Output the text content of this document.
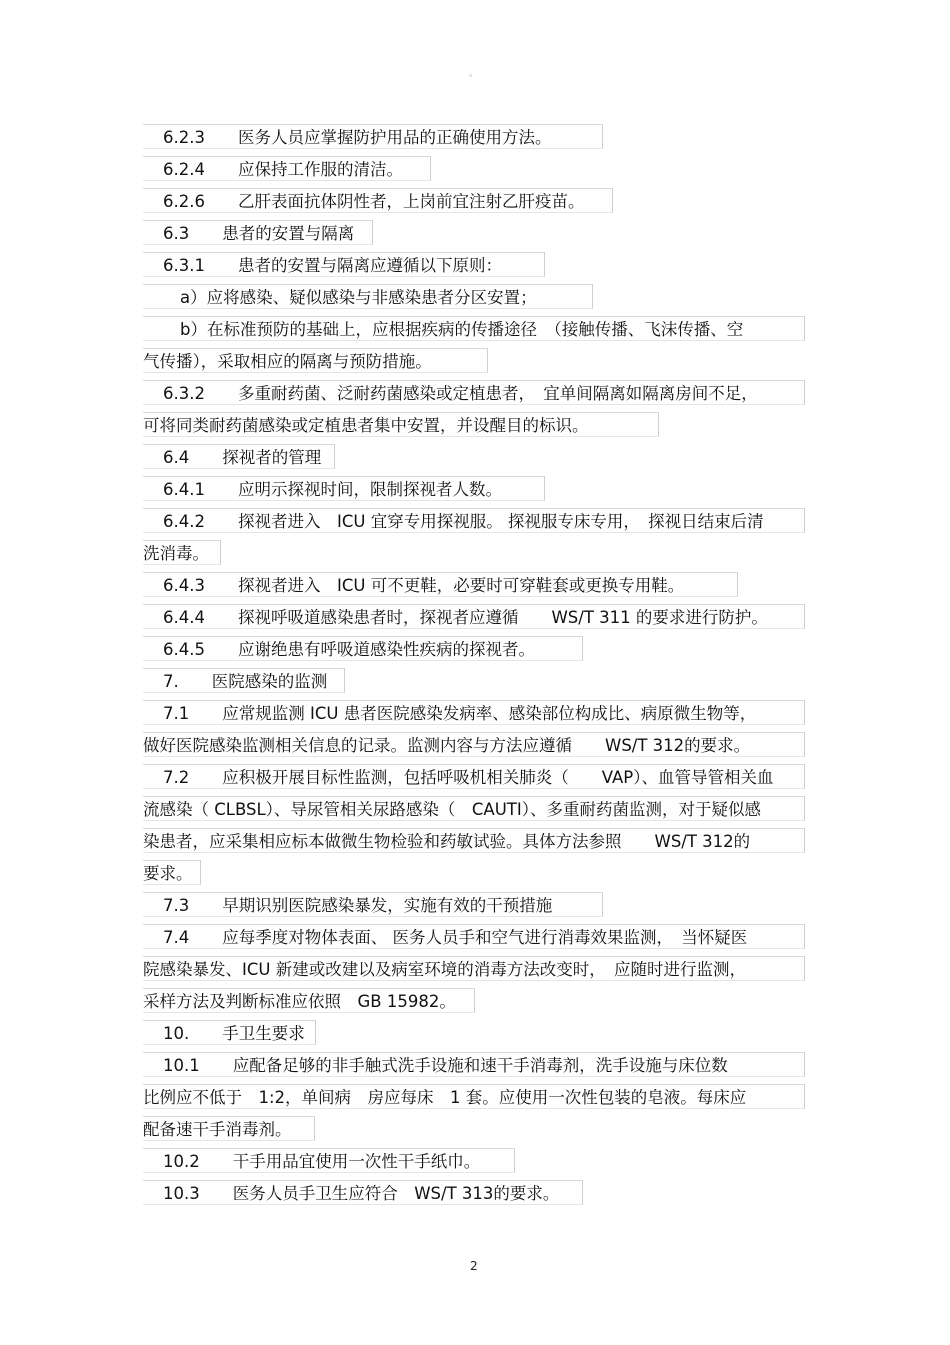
。
6.2.3　　医务人员应掌握防护用品的正确使用方法。
6.2.4　　应保持工作服的清洁。
6.2.6　　乙肝表面抗体阴性者，上岗前宜注射乙肝疫苗。
6.3　　患者的安置与隔离
6.3.1　　患者的安置与隔离应遵循以下原则：
a）应将感染、疑似感染与非感染患者分区安置；
b）在标准预防的基础上，应根据疾病的传播途径　（接触传播、飞沫传播、空
气传播），采取相应的隔离与预防措施。
6.3.2　　多重耐药菌、泛耐药菌感染或定植患者，　宜单间隔离如隔离房间不足，
可将同类耐药菌感染或定植患者集中安置，并设醒目的标识。
6.4　　探视者的管理
6.4.1　　应明示探视时间，限制探视者人数。
6.4.2　　探视者进入　ICU 宜穿专用探视服。 探视服专床专用，　探视日结束后清
洗消毒。
6.4.3　　探视者进入　ICU 可不更鞋，必要时可穿鞋套或更换专用鞋。
6.4.4　　探视呼吸道感染患者时，探视者应遵循　　WS/T 311 的要求进行防护。
6.4.5　　应谢绝患有呼吸道感染性疾病的探视者。
7.　　医院感染的监测
7.1　　应常规监测 ICU 患者医院感染发病率、感染部位构成比、病原微生物等，
做好医院感染监测相关信息的记录。监测内容与方法应遵循　　WS/T 312的要求。
7.2　　应积极开展目标性监测，包括呼吸机相关肺炎（　　VAP）、血管导管相关血
流感染（ CLBSL）、导尿管相关尿路感染（　CAUTI）、多重耐药菌监测，对于疑似感
染患者，应采集相应标本做微生物检验和药敏试验。具体方法参照　　WS/T 312的
要求。
7.3　　早期识别医院感染暴发，实施有效的干预措施
7.4　　应每季度对物体表面、 医务人员手和空气进行消毒效果监测，　当怀疑医
院感染暴发、ICU 新建或改建以及病室环境的消毒方法改变时，　应随时进行监测，
采样方法及判断标准应依照　GB 15982。
10.　　手卫生要求
10.1　　应配备足够的非手触式洗手设施和速干手消毒剂，洗手设施与床位数
比例应不低于　1:2，单间病　房应每床　1 套。应使用一次性包装的皂液。每床应
配备速干手消毒剂。
10.2　　干手用品宜使用一次性干手纸巾。
10.3　　医务人员手卫生应符合　WS/T 313的要求。
2
